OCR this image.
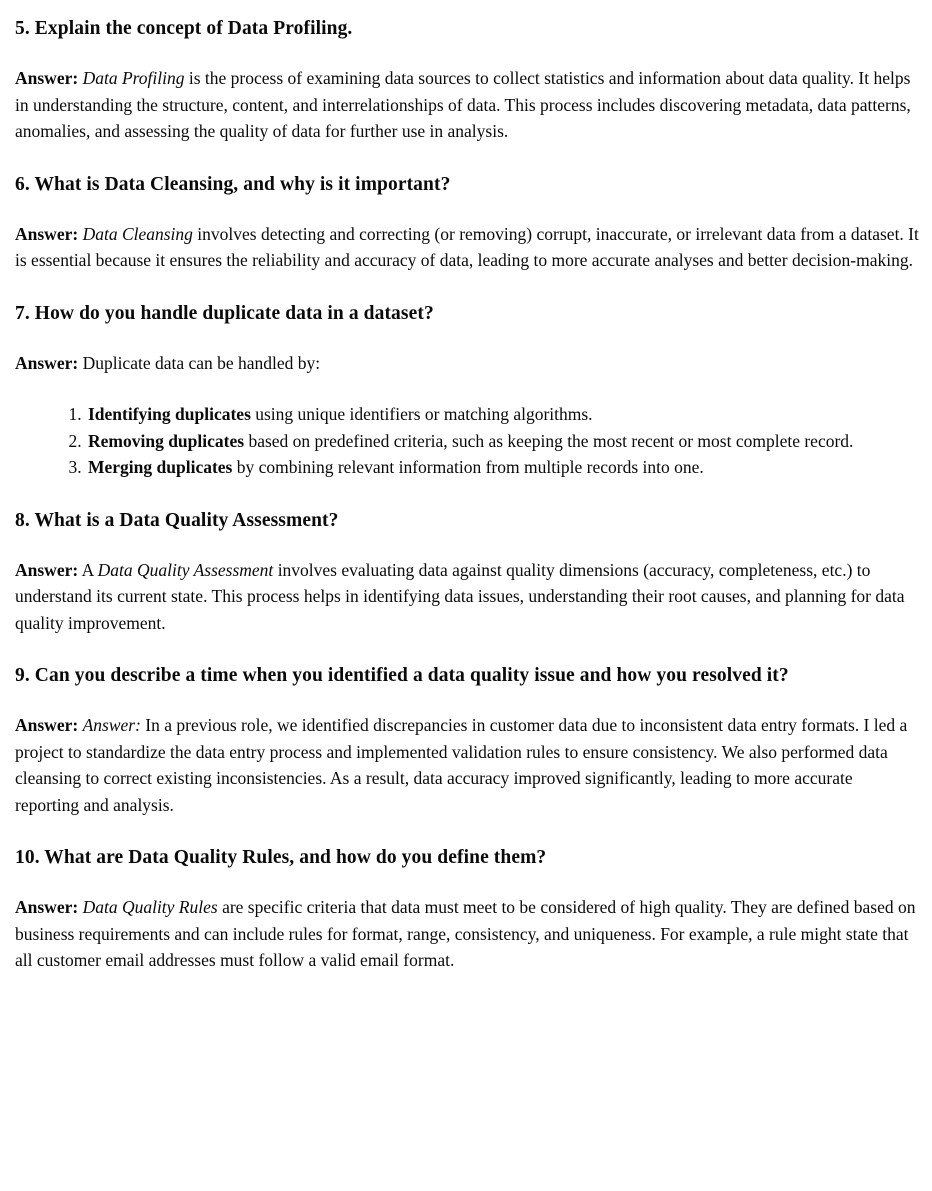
5. Explain the concept of Data Profiling.

Answer: Data Profiling is the process of examining data sources to collect statistics and information about data quality. It helps in understanding the structure, content, and interrelationships of data. This process includes discovering metadata, data patterns, anomalies, and assessing the quality of data for further use in analysis.

6. What is Data Cleansing, and why is it important?

Answer: Data Cleansing involves detecting and correcting (or removing) corrupt, inaccurate, or irrelevant data from a dataset. It is essential because it ensures the reliability and accuracy of data, leading to more accurate analyses and better decision-making.

7. How do you handle duplicate data in a dataset?

Answer: Duplicate data can be handled by:

1. Identifying duplicates using unique identifiers or matching algorithms.
2. Removing duplicates based on predefined criteria, such as keeping the most recent or most complete record.
3. Merging duplicates by combining relevant information from multiple records into one.
8. What is a Data Quality Assessment?

Answer: A Data Quality Assessment involves evaluating data against quality dimensions (accuracy, completeness, etc.) to understand its current state. This process helps in identifying data issues, understanding their root causes, and planning for data quality improvement.

9. Can you describe a time when you identified a data quality issue and how you resolved it?

Answer: Answer: In a previous role, we identified discrepancies in customer data due to inconsistent data entry formats. I led a project to standardize the data entry process and implemented validation rules to ensure consistency. We also performed data cleansing to correct existing inconsistencies. As a result, data accuracy improved significantly, leading to more accurate reporting and analysis.

10. What are Data Quality Rules, and how do you define them?

Answer: Data Quality Rules are specific criteria that data must meet to be considered of high quality. They are defined based on business requirements and can include rules for format, range, consistency, and uniqueness. For example, a rule might state that all customer email addresses must follow a valid email format.
